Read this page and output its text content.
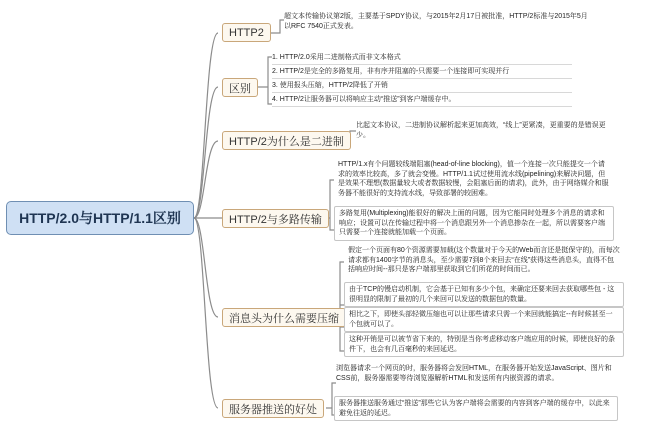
HTTP/2.0与HTTP/1.1区别
HTTP2
超文本传输协议第2版，主要基于SPDY协议，与2015年2月17日被批准，HTTP/2标准与2015年5月以RFC 7540正式发表。
区别
1. HTTP/2.0采用二进制格式而非文本格式
2. HTTP/2是完全的多路复用，非有序并阻塞的-只需要一个连接即可实现并行
3. 使用报头压缩，HTTP/2降低了开销
4. HTTP/2让服务器可以将响应主动“推送”到客户端缓存中。
HTTP/2为什么是二进制
比起文本协议，二进制协议解析起来更加高效，“线上”更紧凑，更重要的是错误更少。
HTTP/2与多路传输
HTTP/1.x有个问题较线端阻塞(head-of-line blocking)，值一个连接一次只能提交一个请求的效率比较高，多了就会变慢。HTTP/1.1试过使用流水线(pipelining)来解决问题，但是效果不理想(数据量较大或者数据较慢，会阻塞后面的请求)，此外，由于网络媒介和服务器不能很好的支持流水线，导致部署的较困难。
多路复用(Multiplexing)能很好的解决上面的问题，因为它能同时处理多个消息的请求和响应；设置可以在传输过程中将一个消息跟另外一个消息掺杂在一起，所以需要客户端只需要一个连接就能加载一个页面。
消息头为什么需要压缩
假定一个页面有80个资源需要加载(这个数量对于今天的Web而言还是挺保守的)，而每次请求都有1400字节的消息头，至少需要7到8个来回去“在线”获得这些消息头，直得不包括响应时间--那只是客户端那里获取到它们所花的时间而已。
由于TCP的慢启动机制，它会基于已知有多少个包，来确定还要来回去获取哪些包 - 这很明显的限制了最初的几个来回可以发送的数据包的数量。
相比之下，即使头部轻微压缩也可以让那些请求只需一个来回就能搞定--有时候甚至一个包就可以了。
这种开销是可以被节省下来的，特别是当你考虑移动客户端应用的时候，即使良好的条件下，也会有几百毫秒的来回延迟。
服务器推送的好处
浏览器请求一个网页的时，服务器将会发回HTML，在服务器开始发送JavaScript、图片和CSS前，服务器需要等待浏览器解析HTML和发送所有内嵌资源的请求。
服务器推送服务通过“推送”那些它认为客户端将会需要的内容到客户端的缓存中，以此来避免往返的延迟。
